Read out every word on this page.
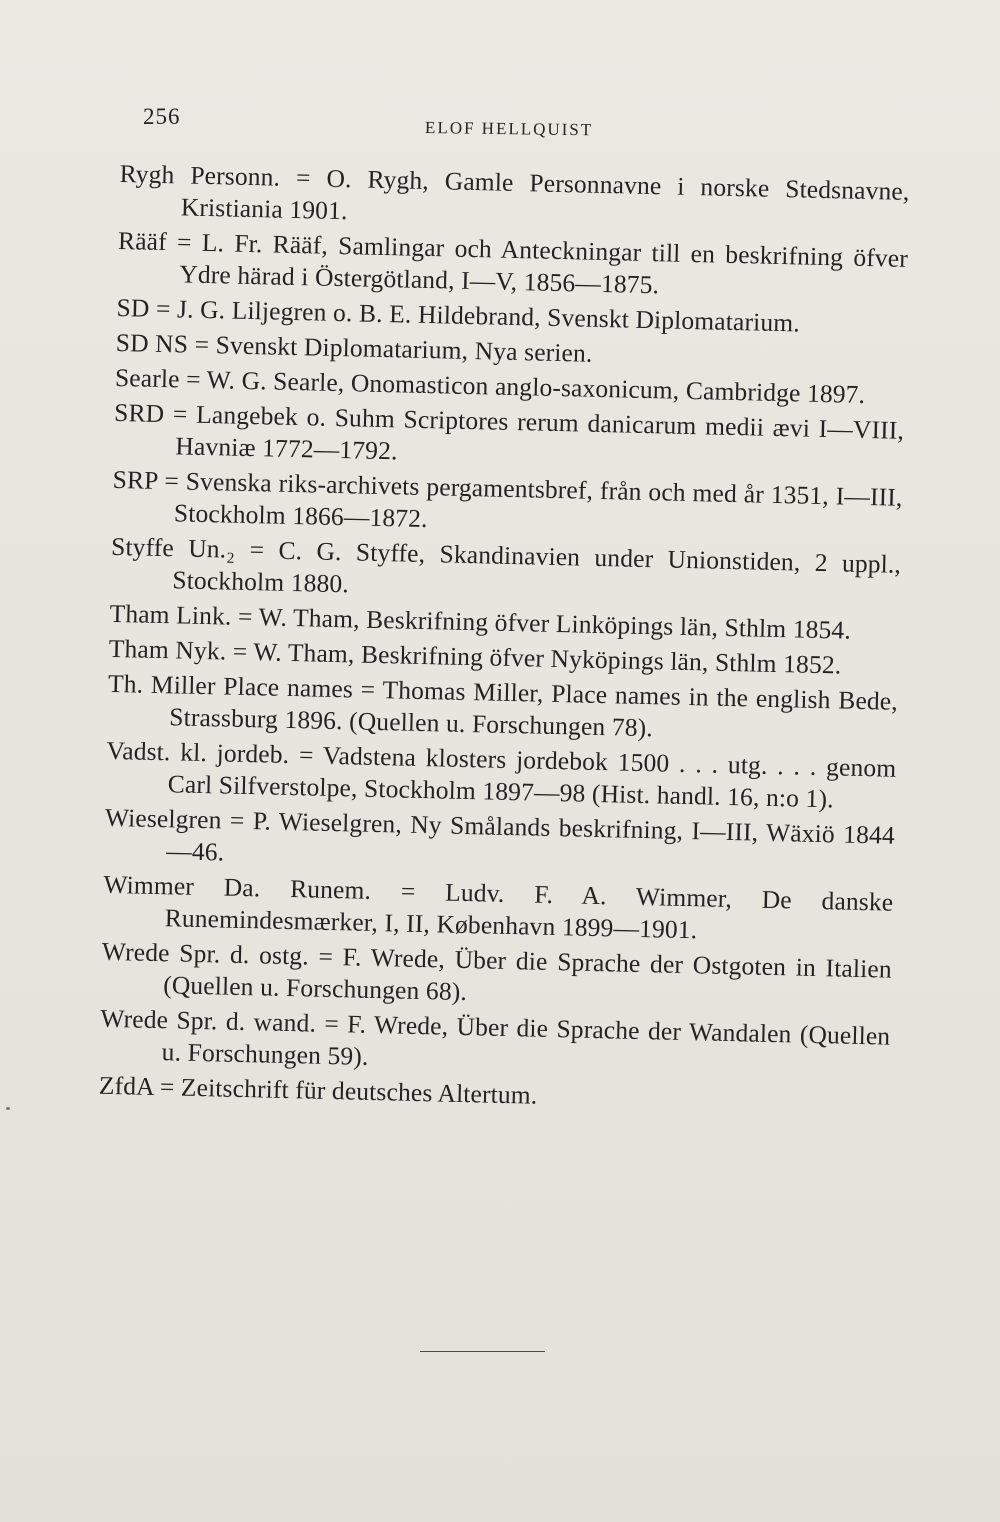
256	ELOF HELLQUIST

Rygh Personn. = O. Rygh, Gamle Personnavne i norske Stedsnavne, Kristiania 1901.

Rääf = L. Fr. Rääf, Samlingar och Anteckningar till en beskrifning öfver Ydre härad i Östergötland, I—V, 1856—1875.

SD = J. G. Liljegren o. B. E. Hildebrand, Svenskt Diplomatarium.

SD NS = Svenskt Diplomatarium, Nya serien.

Searle = W. G. Searle, Onomasticon anglo-saxonicum, Cambridge 1897.

SRD = Langebek o. Suhm Scriptores rerum danicarum medii ævi I—VIII, Havniæ 1772—1792.

SRP = Svenska riks-archivets pergamentsbref, från och med år 1351, I—III, Stockholm 1866—1872.

Styffe Un.₂ = C. G. Styffe, Skandinavien under Unionstiden, 2 uppl., Stockholm 1880.

Tham Link. = W. Tham, Beskrifning öfver Linköpings län, Sthlm 1854.

Tham Nyk. = W. Tham, Beskrifning öfver Nyköpings län, Sthlm 1852.

Th. Miller Place names = Thomas Miller, Place names in the english Bede, Strassburg 1896. (Quellen u. Forschungen 78).

Vadst. kl. jordeb. = Vadstena klosters jordebok 1500 . . . utg. . . . genom Carl Silfverstolpe, Stockholm 1897—98 (Hist. handl. 16, n:o 1).

Wieselgren = P. Wieselgren, Ny Smålands beskrifning, I—III, Wäxiö 1844—46.

Wimmer Da. Runem. = Ludv. F. A. Wimmer, De danske Runemindesmærker, I, II, København 1899—1901.

Wrede Spr. d. ostg. = F. Wrede, Über die Sprache der Ostgoten in Italien (Quellen u. Forschungen 68).

Wrede Spr. d. wand. = F. Wrede, Über die Sprache der Wandalen (Quellen u. Forschungen 59).

ZfdA = Zeitschrift für deutsches Altertum.
